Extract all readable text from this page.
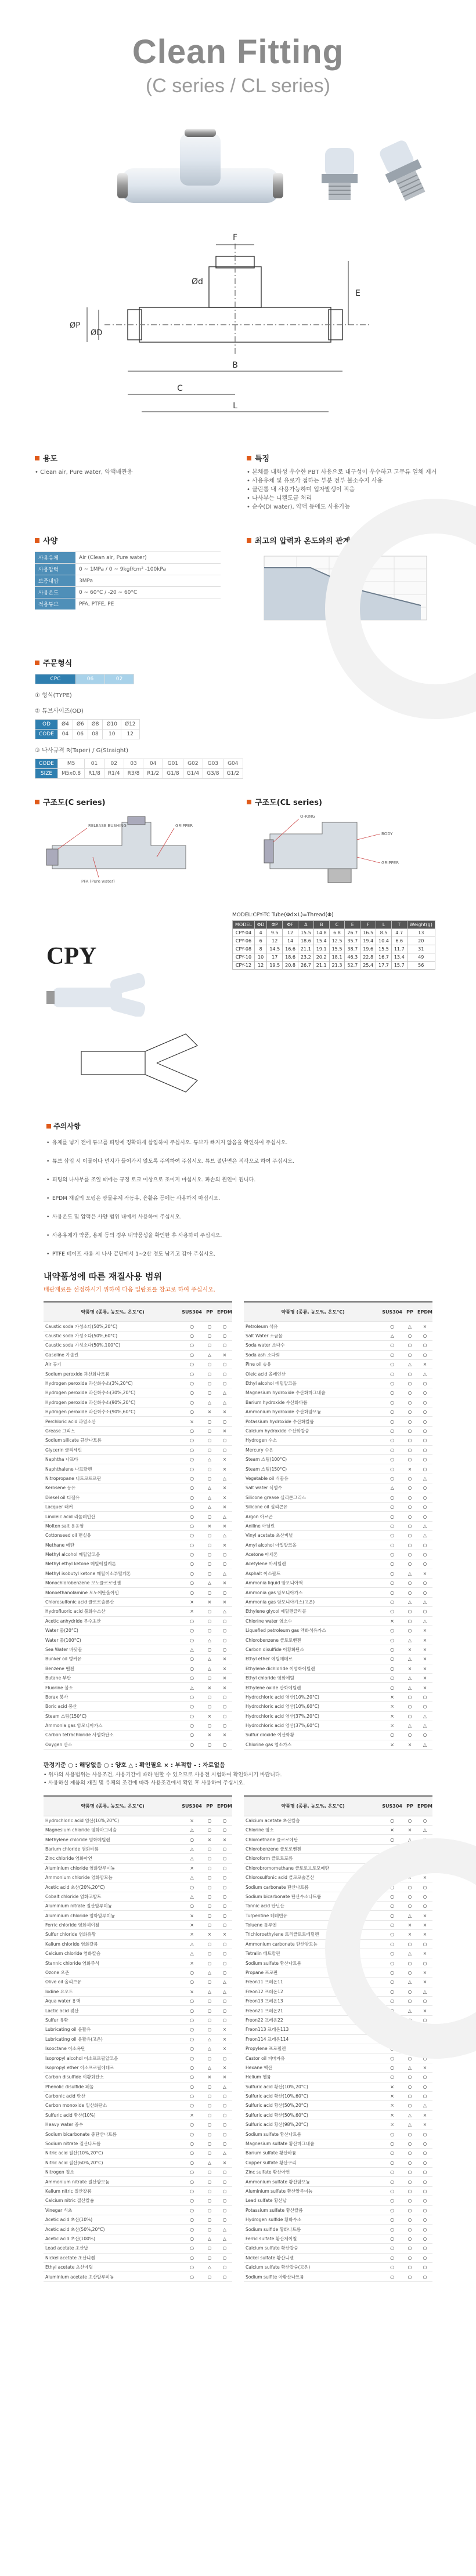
Clean Fitting
(C series / CL series)
F
E
Ød
ØP
ØD
B
C
L
용도
• Clean air, Pure water, 약액배관용
특징
• 본체를 내화성 우수한 PBT 사용으로 내구성이 우수하고 고무류 일체 제거
• 사용유체 및 유로가 접하는 부분 전부 불소수지 사용
• 클린룸 내 사용가능하며 입자발생이 적음
• 나사부는 니켈도금 처리
• 순수(DI water), 약액 등에도 사용가능
사양
사용유체	Air (Clean air, Pure water)
사용압력	0 ~ 1MPa / 0 ~ 9kgf/cm² -100kPa
보증내압	3MPa
사용온도	0 ~ 60°C / -20 ~ 60°C
적용튜브	PFA, PTFE, PE
최고의 압력과 온도와의 관계도
주문형식
CPC	06	02
① 형식(TYPE)
② 튜브사이즈(OD)
OD	Ø4	Ø6	Ø8	Ø10	Ø12
CODE	04	06	08	10	12
③ 나사규격 R(Taper) / G(Straight)
CODE	M5	01	02	03	04	G01	G02	G03	G04
SIZE	M5x0.8	R1/8	R1/4	R3/8	R1/2	G1/8	G1/4	G3/8	G1/2
구조도(C series)
RELEASE BUSHING	GRIPPER
PFA (Pure water)
구조도(CL series)
O-RING
BODY
GRIPPER
CPY
MODEL:CPY-TC Tube(Φd×L)=Thread(Φ)
MODEL	ΦD	ΦP	ΦF	A	B	C	E	F	L	T	Weight(g)
CPY-04	4	9.5	12	15.5	14.8	6.8	26.7	16.5	8.5	4.7	13
CPY-06	6	12	14	18.6	15.4	12.5	35.7	19.4	10.4	6.6	20
CPY-08	8	14.5	16.6	21.1	19.1	15.5	38.7	19.6	15.5	11.7	31
CPY-10	10	17	18.6	23.2	20.2	18.1	46.3	22.8	16.7	13.4	49
CPY-12	12	19.5	20.8	26.7	21.1	21.3	52.7	25.4	17.7	15.7	56
주의사항
• 유체를 넣기 전에 튜브를 피팅에 정확하게 삽입하여 주십시오. 튜브가 빠지지 않음을 확인하여 주십시오.
• 튜브 삽입 시 이물이나 먼지가 들어가지 않도록 주의하여 주십시오. 튜브 절단면은 직각으로 하여 주십시오.
• 피팅의 나사부를 조일 때에는 규정 토크 이상으로 조이지 마십시오. 파손의 원인이 됩니다.
• EPDM 재질의 오링은 광물유계 작동유, 윤활유 등에는 사용하지 마십시오.
• 사용온도 및 압력은 사양 범위 내에서 사용하여 주십시오.
• 사용유체가 약품, 용제 등의 경우 내약품성을 확인한 후 사용하여 주십시오.
• PTFE 테이프 사용 시 나사 끝단에서 1~2산 정도 남기고 감아 주십시오.
내약품성에 따른 재질사용 범위
배관재료를 선정하시기 위하여 다음 일람표를 참고로 하여 주십시오.
약품명 (종류, 농도%, 온도°C)	SUS304	PP	EPDM
Caustic soda 가성소다(50%,20°C)	○	○	○
Caustic soda 가성소다(50%,60°C)	○	○	○
Caustic soda 가성소다(50%,100°C)	○	○	○
Gasoline 가솔린	○	△	×
Air 공기	○	○	○
Sodium peroxide 과산화나트륨	○	○	○
Hydrogen peroxide 과산화수소(3%,20°C)	○	○	○
Hydrogen peroxide 과산화수소(30%,20°C)	○	○	△
Hydrogen peroxide 과산화수소(90%,20°C)	○	△	△
Hydrogen peroxide 과산화수소(90%,60°C)	○	×	×
Perchloric acid 과염소산	×	○	○
Grease 그리스	○	○	×
Sodium silicate 규산나트륨	○	○	○
Glycerin 글리세린	○	○	○
Naphtha 나프타	○	△	×
Naphthalene 나프탈렌	○	○	×
Nitropropane 니트로프로판	○	○	△
Kerosene 등유	○	△	×
Diesel oil 디젤유	○	△	×
Lacquer 래커	○	△	×
Linoleic acid 리놀레인산	○	○	△
Molten salt 용융염	○	×	×
Cottonseed oil 면실유	○	○	△
Methane 메탄	○	○	×
Methyl alcohol 메틸알코올	○	○	○
Methyl ethyl ketone 메틸에틸케톤	○	○	○
Methyl isobutyl ketone 메틸이소부틸케톤	○	○	△
Monochlorobenzene 모노클로로벤젠	○	△	×
Monoethanolamine 모노에탄올아민	○	○	○
Chlorosulfonic acid 클로로술폰산	×	×	×
Hydrofluoric acid 불화수소산	×	○	△
Acetic anhydride 무수초산	○	○	○
Water 물(20°C)	○	○	○
Water 물(100°C)	○	△	○
Sea Water 바닷물	△	○	○
Bunker oil 벙커유	○	△	×
Benzene 벤젠	○	△	×
Butane 부탄	○	○	×
Fluorine 불소	△	×	×
Borax 붕사	○	○	○
Boric acid 붕산	○	○	○
Steam 스팀(150°C)	○	×	○
Ammonia gas 암모니아가스	○	○	○
Carbon tetrachloride 사염화탄소	○	×	×
Oxygen 산소	○	○	○
약품명 (종류, 농도%, 온도°C)	SUS304	PP	EPDM
Petroleum 석유	○	△	×
Salt Water 소금물	△	○	○
Soda water 소다수	○	○	○
Soda ash 소다회	○	○	○
Pine oil 송유	○	△	×
Oleic acid 올레인산	○	○	△
Ethyl alcohol 에틸알코올	○	○	○
Magnesium hydroxide 수산화마그네슘	○	○	○
Barium hydroxide 수산화바륨	○	○	○
Ammonium hydroxide 수산화암모늄	○	○	○
Potassium hydroxide 수산화칼륨	○	○	○
Calcium hydroxide 수산화칼슘	○	○	○
Hydrogen 수소	○	○	○
Mercury 수은	○	○	○
Steam 스팀(100°C)	○	○	○
Steam 스팀(150°C)	○	×	○
Vegetable oil 식물유	○	○	△
Salt water 식염수	△	○	○
Silicone grease 실리콘그리스	○	○	○
Silicone oil 실리콘유	○	○	○
Argon 아르곤	○	○	○
Aniline 아닐린	○	○	△
Vinyl acetate 초산비닐	○	○	△
Amyl alcohol 아밀알코올	○	○	○
Acetone 아세톤	○	○	○
Acetylene 아세틸렌	○	○	○
Asphalt 아스팔트	○	△	×
Ammonia liquid 암모니아액	○	○	○
Ammonia gas 암모니아가스	○	○	○
Ammonia gas 암모니아가스(고온)	○	△	△
Ethylene glycol 에틸렌글리콜	○	○	○
Chlorine water 염소수	×	○	△
Liquefied petroleum gas 액화석유가스	○	○	×
Chlorobenzene 클로로벤젠	○	△	×
Carbon disulfide 이황화탄소	○	×	×
Ethyl ether 에틸에테르	○	△	×
Ethylene dichloride 이염화에틸렌	○	×	×
Ethyl chloride 염화에틸	○	△	×
Ethylene oxide 산화에틸렌	○	△	×
Hydrochloric acid 염산(10%,20°C)	×	○	○
Hydrochloric acid 염산(10%,60°C)	×	○	○
Hydrochloric acid 염산(37%,20°C)	×	○	△
Hydrochloric acid 염산(37%,60°C)	×	△	△
Sulfur dioxide 이산화황	○	○	○
Chlorine gas 염소가스	×	×	△
판정기준 ○ : 해당없음 ○ : 양호 △ : 확인필요 × : 부적합 - : 자료없음
• 위사의 사용범위는 사용조건, 사용기간에 따라 변할 수 있으므로 사용전 시험하여 확인하시기 바랍니다.
• 사용하실 제품의 재질 및 유체의 조건에 따라 사용조건에서 확인 후 사용하여 주십시오.
약품명 (종류, 농도%, 온도°C)	SUS304	PP	EPDM
Hydrochloric acid 염산(10%,20°C)	×	○	○
Magnesium chloride 염화마그네슘	△	○	○
Methylene chloride 염화메틸렌	○	×	×
Barium chloride 염화바륨	△	○	○
Zinc chloride 염화아연	△	○	○
Aluminium chloride 염화알루미늄	×	○	○
Ammonium chloride 염화암모늄	△	○	○
Acetic acid 초산(20%,20°C)	○	○	○
Cobalt chloride 염화코발트	△	○	○
Aluminium nitrate 질산알루미늄	○	○	○
Aluminium chloride 염화알루미늄	×	○	○
Ferric chloride 염화제이철	×	○	○
Sulfur chloride 염화유황	×	×	×
Kalium chloride 염화칼륨	△	○	○
Calcium chloride 염화칼슘	△	○	○
Stannic chloride 염화주석	×	○	○
Ozone 오존	○	△	○
Olive oil 올리브유	○	○	△
Iodine 요오드	×	△	△
Aqua water 용액	○	○	○
Lactic acid 젖산	○	○	○
Sulfur 유황	○	○	○
Lubricating oil 윤활유	○	○	×
Lubricating oil 윤활유(고온)	○	△	×
Isooctane 이소옥탄	○	△	×
Isopropyl alcohol 이소프로필알코올	○	○	○
Isopropyl ether 이소프로필에테르	○	△	×
Carbon disulfide 이황화탄소	○	×	×
Phenolic disulfide 페놀	○	○	△
Carbonic acid 탄산	○	○	○
Carbon monoxide 일산화탄소	○	○	○
Sulfuric acid 황산(10%)	×	○	○
Heavy water 중수	○	○	○
Sodium bicarbonate 중탄산나트륨	○	○	○
Sodium nitrate 질산나트륨	○	○	○
Nitric acid 질산(10%,20°C)	○	○	△
Nitric acid 질산(60%,20°C)	○	△	×
Nitrogen 질소	○	○	○
Ammonium nitrate 질산암모늄	○	○	○
Kalium nitric 질산칼륨	○	○	○
Calcium nitric 질산칼슘	○	○	○
Vinegar 식초	○	○	○
Acetic acid 초산(10%)	○	○	○
Acetic acid 초산(50%,20°C)	○	○	△
Acetic acid 초산(100%)	○	△	△
Lead acetate 초산납	○	○	○
Nickel acetate 초산니켈	○	○	○
Ethyl acetate 초산에틸	○	△	○
Aluminium acetate 초산알루미늄	○	○	○
약품명 (종류, 농도%, 온도°C)	SUS304	PP	EPDM
Calcium acetate 초산칼슘	○	○	○
Chlorine 염소	×	×	△
Chloroethane 클로로에탄	○	△	×
Chlorobenzene 클로로벤젠	○	△	×
Chloroform 클로로포름	○	×	×
Chlorobromomethane 클로로브로모메탄	○	△	×
Chlorosulfonic acid 클로로술폰산	×	×	×
Sodium carbonate 탄산나트륨	○	○	○
Sodium bicarbonate 탄산수소나트륨	○	○	○
Tannic acid 탄닌산	○	○	○
Turpentine 테레빈유	○	△	×
Toluene 톨루엔	○	×	×
Trichloroethylene 트리클로로에틸렌	○	×	×
Ammonium carbonate 탄산암모늄	○	○	○
Tetralin 테트랄린	○	△	×
Sodium sulfate 황산나트륨	○	○	○
Propane 프로판	○	○	×
Freon11 프레온11	○	△	×
Freon12 프레온12	○	○	△
Freon13 프레온13	○	○	○
Freon21 프레온21	○	△	×
Freon22 프레온22	○	○	○
Freon113 프레온113	○	△	×
Freon114 프레온114	○	○	○
Propylene 프로필렌	○	○	×
Castor oil 피마자유	○	○	○
Hexane 헥산	○	△	×
Helium 헬륨	○	○	○
Sulfuric acid 황산(10%,20°C)	×	○	○
Sulfuric acid 황산(10%,60°C)	×	○	○
Sulfuric acid 황산(50%,20°C)	×	○	△
Sulfuric acid 황산(50%,60°C)	×	△	×
Sulfuric acid 황산(98%,20°C)	×	△	×
Sodium sulfate 황산나트륨	○	○	○
Magnesium sulfate 황산마그네슘	○	○	○
Barium sulfate 황산바륨	○	○	○
Copper sulfate 황산구리	○	○	○
Zinc sulfate 황산아연	○	○	○
Ammonium sulfate 황산암모늄	○	○	○
Aluminium sulfate 황산알루미늄	○	○	○
Lead sulfate 황산납	○	○	○
Potassium sulfate 황산칼륨	○	○	○
Hydrogen sulfide 황화수소	○	○	○
Sodium sulfide 황화나트륨	○	○	○
Ferric sulfate 황산제이철	○	○	○
Calcium sulfate 황산칼슘	○	○	○
Nickel sulfate 황산니켈	○	○	○
Calcium sulfate 황산칼슘(고온)	○	○	○
Sodium sulfite 아황산나트륨	○	○	○
